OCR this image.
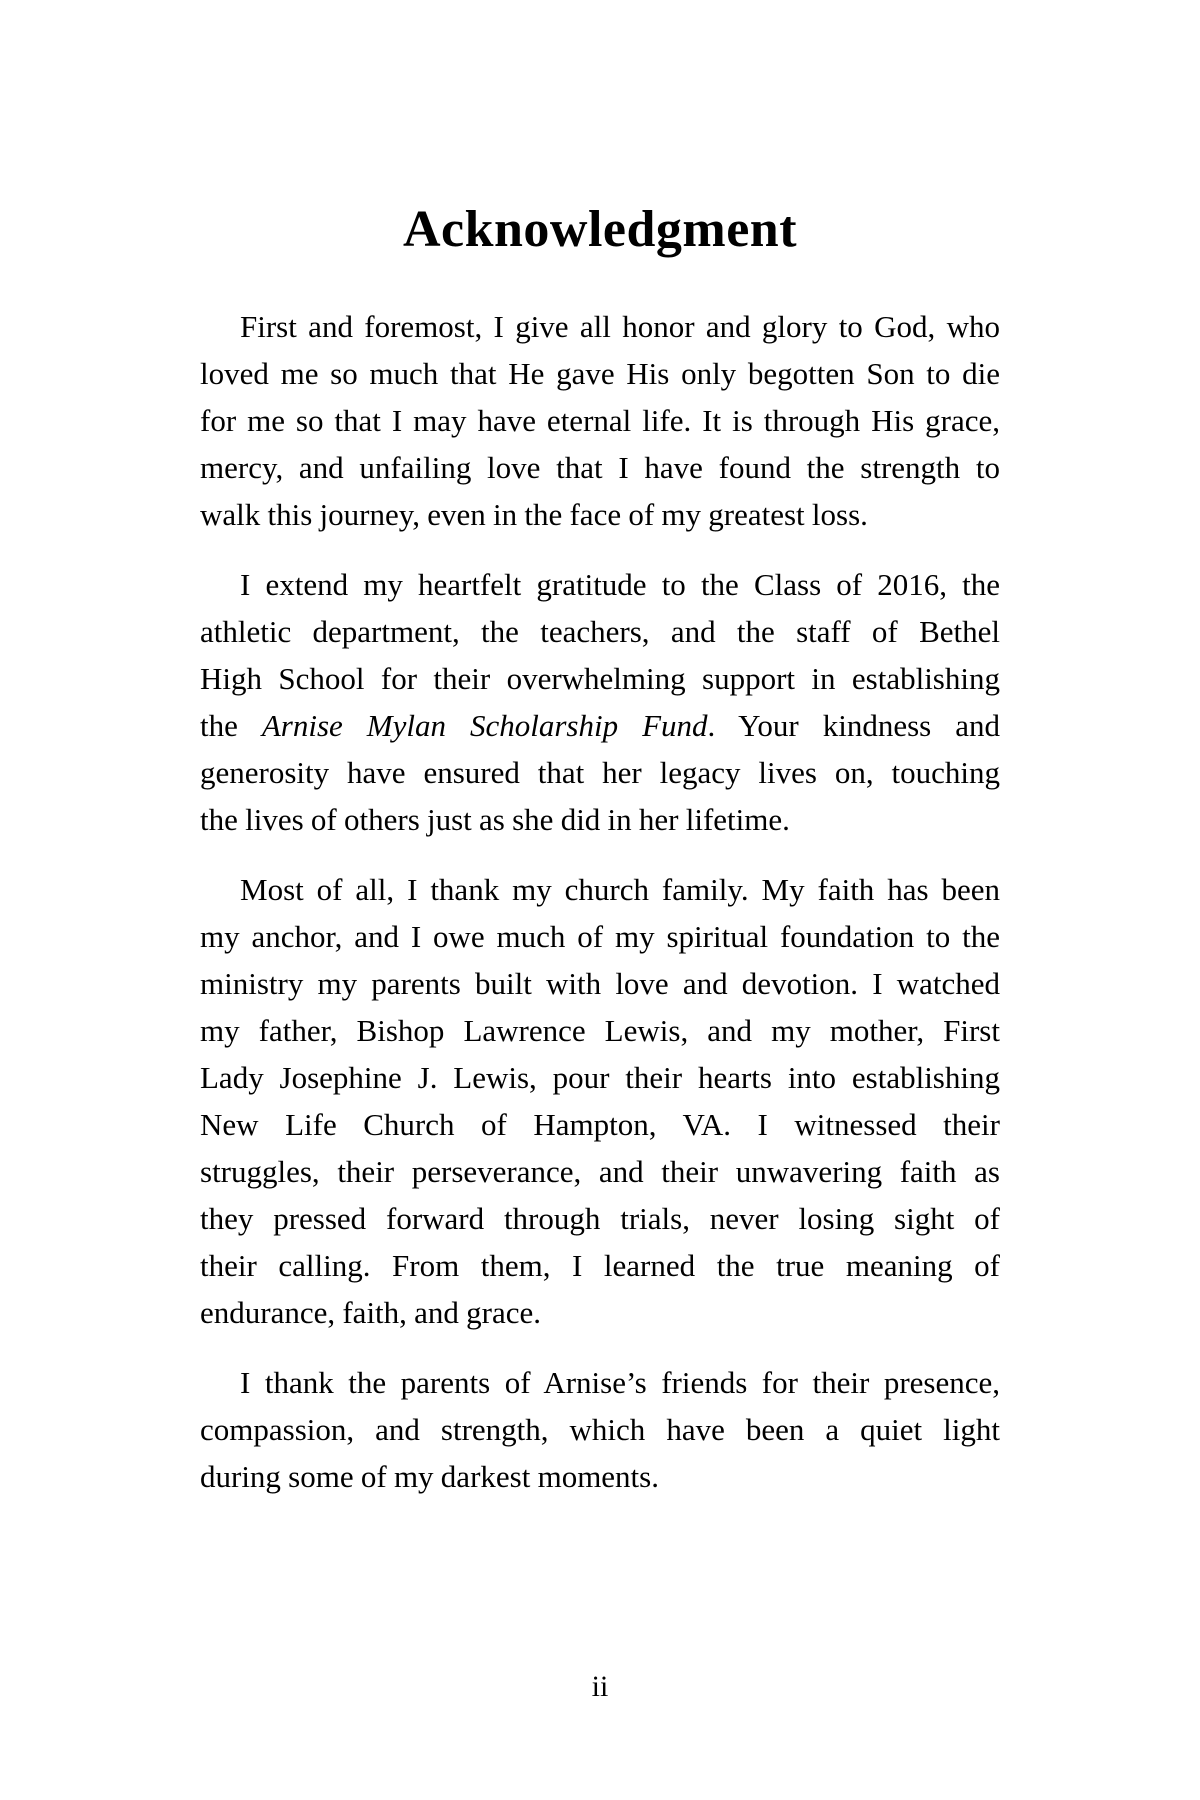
Acknowledgment
First and foremost, I give all honor and glory to God, who
loved me so much that He gave His only begotten Son to die
for me so that I may have eternal life. It is through His grace,
mercy, and unfailing love that I have found the strength to
walk this journey, even in the face of my greatest loss.
I extend my heartfelt gratitude to the Class of 2016, the
athletic department, the teachers, and the staff of Bethel
High School for their overwhelming support in establishing
the Arnise Mylan Scholarship Fund. Your kindness and
generosity have ensured that her legacy lives on, touching
the lives of others just as she did in her lifetime.
Most of all, I thank my church family. My faith has been
my anchor, and I owe much of my spiritual foundation to the
ministry my parents built with love and devotion. I watched
my father, Bishop Lawrence Lewis, and my mother, First
Lady Josephine J. Lewis, pour their hearts into establishing
New Life Church of Hampton, VA. I witnessed their
struggles, their perseverance, and their unwavering faith as
they pressed forward through trials, never losing sight of
their calling. From them, I learned the true meaning of
endurance, faith, and grace.
I thank the parents of Arnise’s friends for their presence,
compassion, and strength, which have been a quiet light
during some of my darkest moments.
ii
